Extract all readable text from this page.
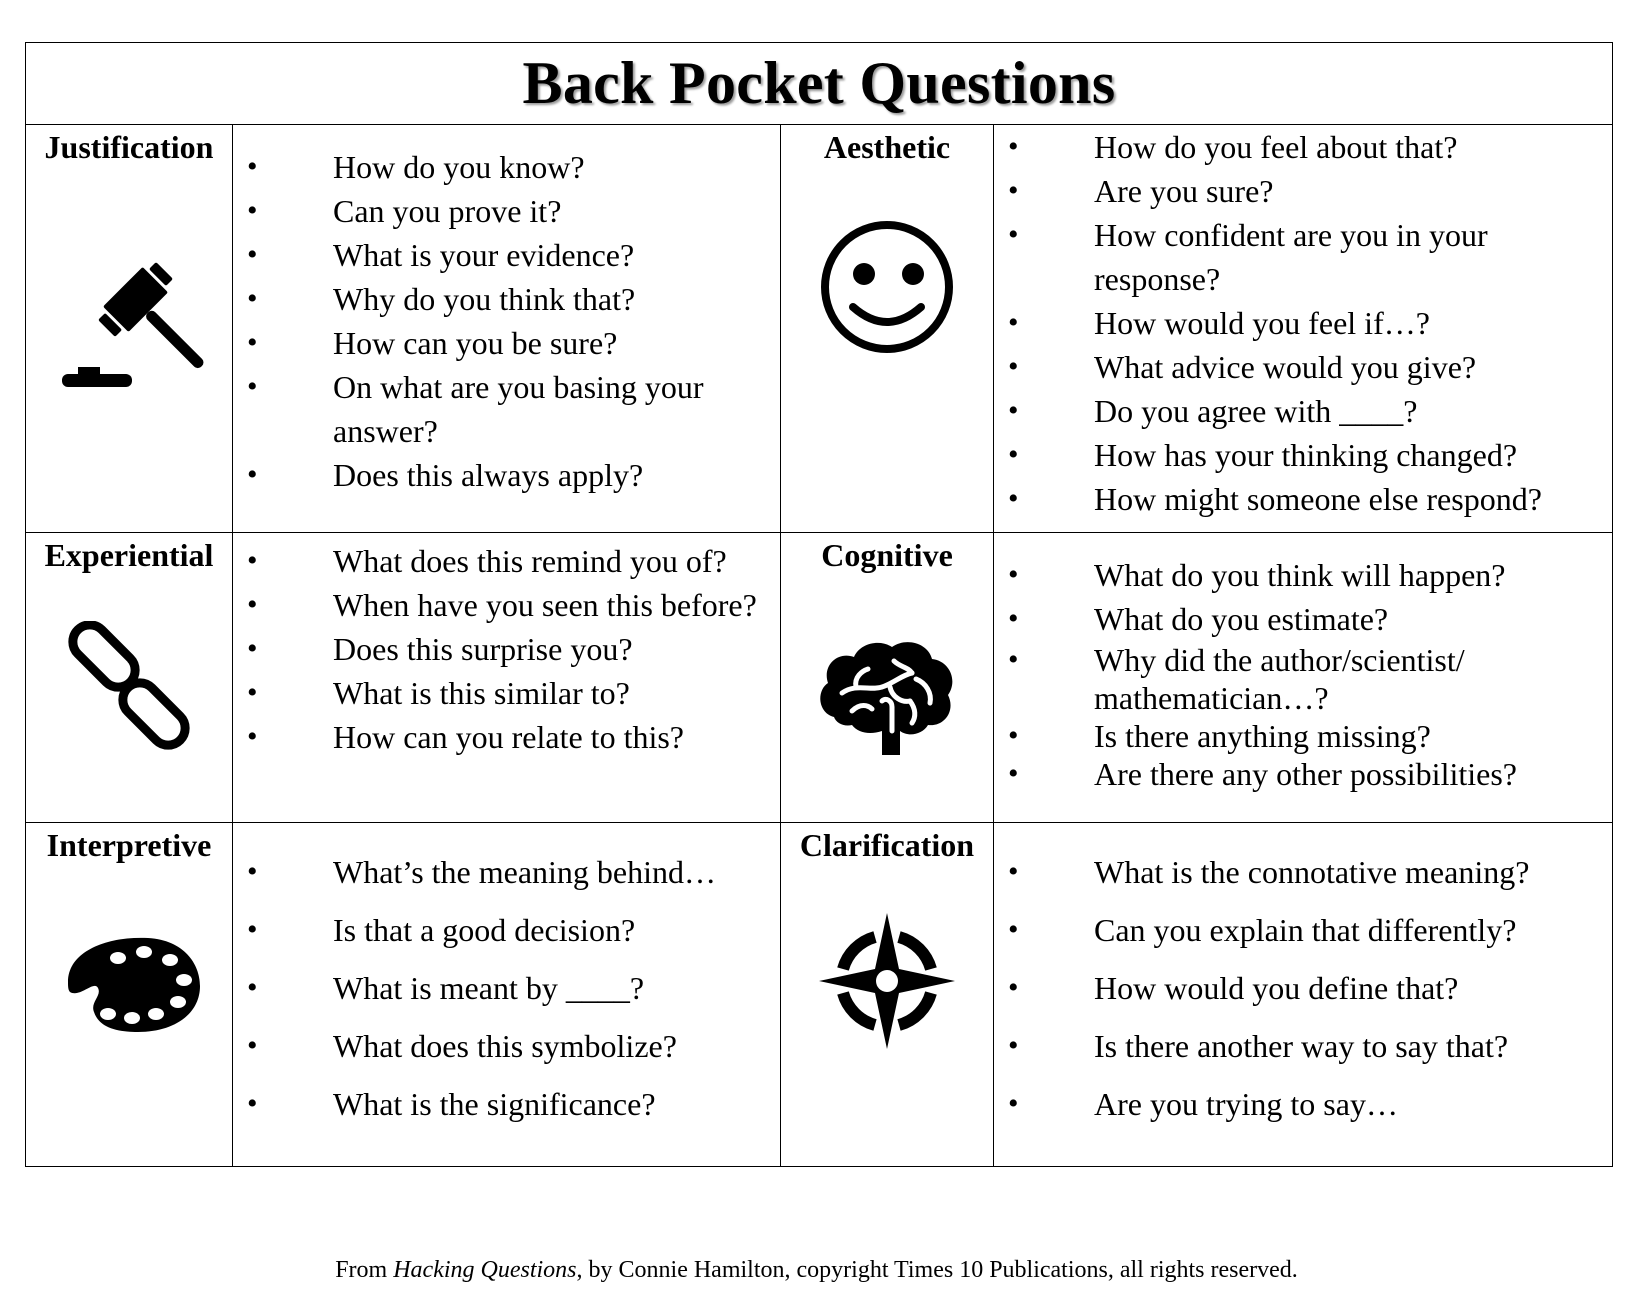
Back Pocket Questions
Justification
• How do you know?
• Can you prove it?
• What is your evidence?
• Why do you think that?
• How can you be sure?
• On what are you basing your answer?
• Does this always apply?
Aesthetic	• How do you feel about that?
• Are you sure?
• How confident are you in your response?
• How would you feel if…?
• What advice would you give?
• Do you agree with ____?
• How has your thinking changed?
• How might someone else respond?
Experiential	• What does this remind you of?
• When have you seen this before?
• Does this surprise you?
• What is this similar to?
• How can you relate to this?
Cognitive
• What do you think will happen?
• What do you estimate?
• Why did the author/scientist/ mathematician…?
• Is there anything missing?
• Are there any other possibilities?
Interpretive
• What’s the meaning behind…
• Is that a good decision?
• What is meant by ____?
• What does this symbolize?
• What is the significance?
Clarification
• What is the connotative meaning?
• Can you explain that differently?
• How would you define that?
• Is there another way to say that?
• Are you trying to say…
From Hacking Questions, by Connie Hamilton, copyright Times 10 Publications, all rights reserved.
